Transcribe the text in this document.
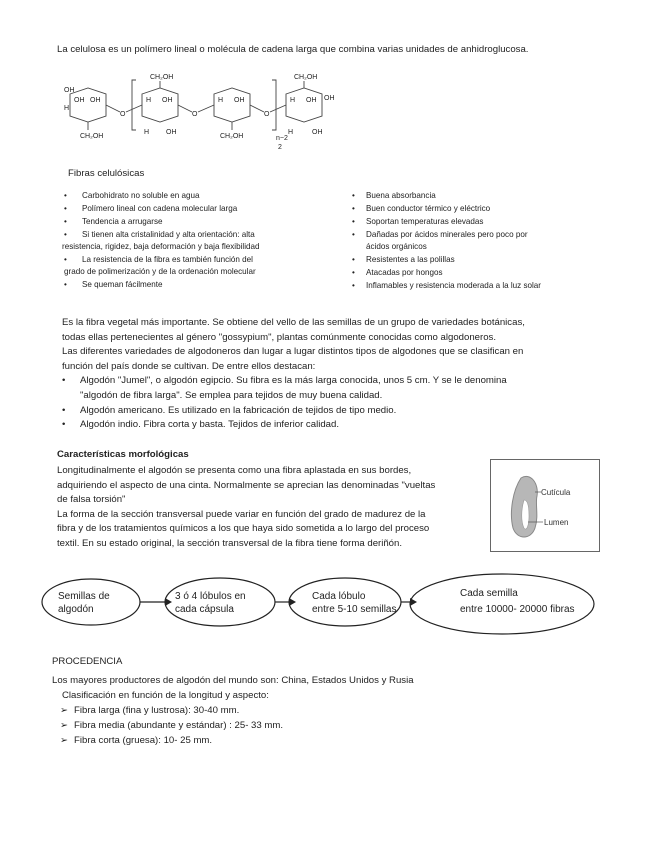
La celulosa es un polímero lineal o molécula de cadena larga que combina varias unidades de anhidroglucosa.
OH
OH OH
H
CH₂OH
O
CH₂OH
H OH
H OH
O
H OH
CH₂OH
O
CH₂OH
H OH OH
H	OH
n−2
2
Fibras celulósicas
• Carbohidrato no soluble en agua
• Polímero lineal con cadena molecular larga
• Tendencia a arrugarse
• Si tienen alta cristalinidad y alta orientación: alta
resistencia, rigidez, baja deformación y baja flexibilidad
• La resistencia de la fibra es también función del
grado de polimerización y de la ordenación molecular
• Se queman fácilmente
• Buena absorbancia
• Buen conductor térmico y eléctrico
• Soportan temperaturas elevadas
• Dañadas por ácidos minerales pero poco por
ácidos orgánicos
• Resistentes a las polillas
• Atacadas por hongos
• Inflamables y resistencia moderada a la luz solar
Es la fibra vegetal más importante. Se obtiene del vello de las semillas de un grupo de variedades botánicas,
todas ellas pertenecientes al género "gossypium", plantas comúnmente conocidas como algodoneros.
Las diferentes variedades de algodoneros dan lugar a lugar distintos tipos de algodones que se clasifican en
función del país donde se cultivan. De entre ellos destacan:
• Algodón "Jumel", o algodón egipcio. Su fibra es la más larga conocida, unos 5 cm. Y se le denomina
"algodón de fibra larga". Se emplea para tejidos de muy buena calidad.
• Algodón americano. Es utilizado en la fabricación de tejidos de tipo medio.
• Algodón indio. Fibra corta y basta. Tejidos de inferior calidad.
Características morfológicas
Longitudinalmente el algodón se presenta como una fibra aplastada en sus bordes,
adquiriendo el aspecto de una cinta. Normalmente se aprecian las denominadas "vueltas
de falsa torsión"
La forma de la sección transversal puede variar en función del grado de madurez de la
fibra y de los tratamientos químicos a los que haya sido sometida a lo largo del proceso
textil. En su estado original, la sección transversal de la fibra tiene forma deriñón.
Cutícula
Lumen
Semillas de
algodón
3 ó 4 lóbulos en
cada cápsula
Cada lóbulo
entre 5-10 semillas
Cada semilla
entre 10000- 20000 fibras
PROCEDENCIA
Los mayores productores de algodón del mundo son: China, Estados Unidos y Rusia
Clasificación en función de la longitud y aspecto:
➢ Fibra larga (fina y lustrosa): 30-40 mm.
➢ Fibra media (abundante y estándar) : 25- 33 mm.
➢ Fibra corta (gruesa): 10- 25 mm.
